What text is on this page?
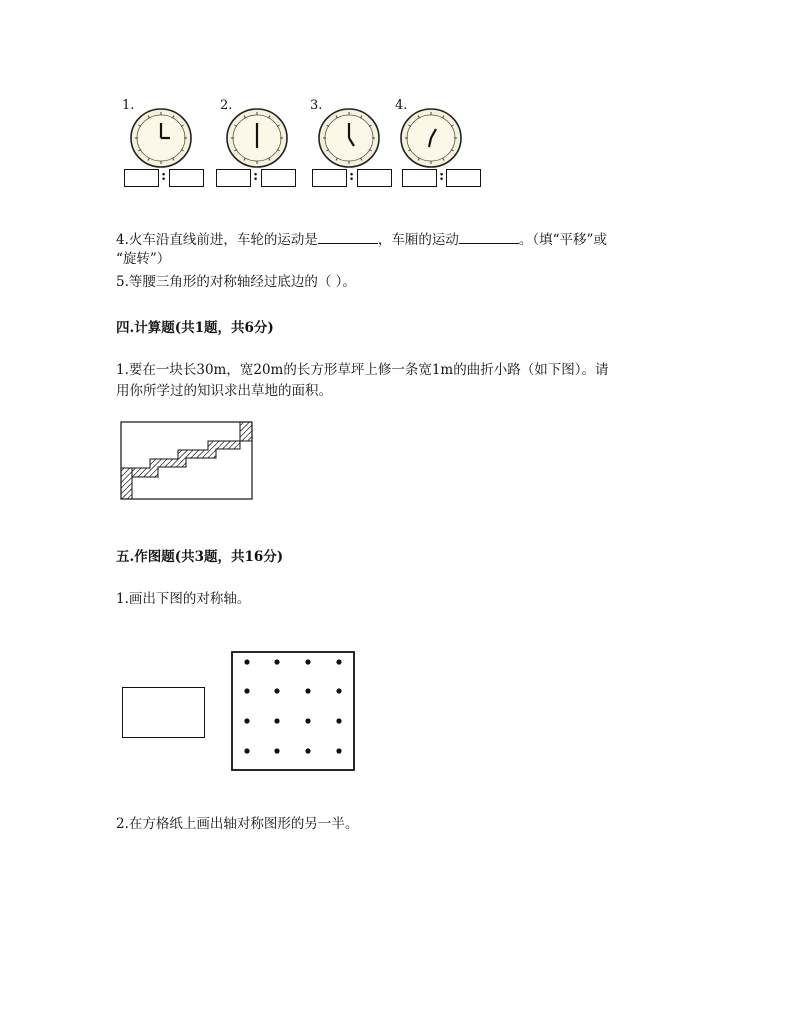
1.	2.	3.	4.
:	:	:	:
4.火车沿直线前进，车轮的运动是	，车厢的运动	。（填“平移”或
“旋转”）
5.等腰三角形的对称轴经过底边的（ ）。
四.计算题(共1题，共6分)
1.要在一块长30m，宽20m的长方形草坪上修一条宽1m的曲折小路（如下图）。请
用你所学过的知识求出草地的面积。
五.作图题(共3题，共16分)
1.画出下图的对称轴。
2.在方格纸上画出轴对称图形的另一半。
